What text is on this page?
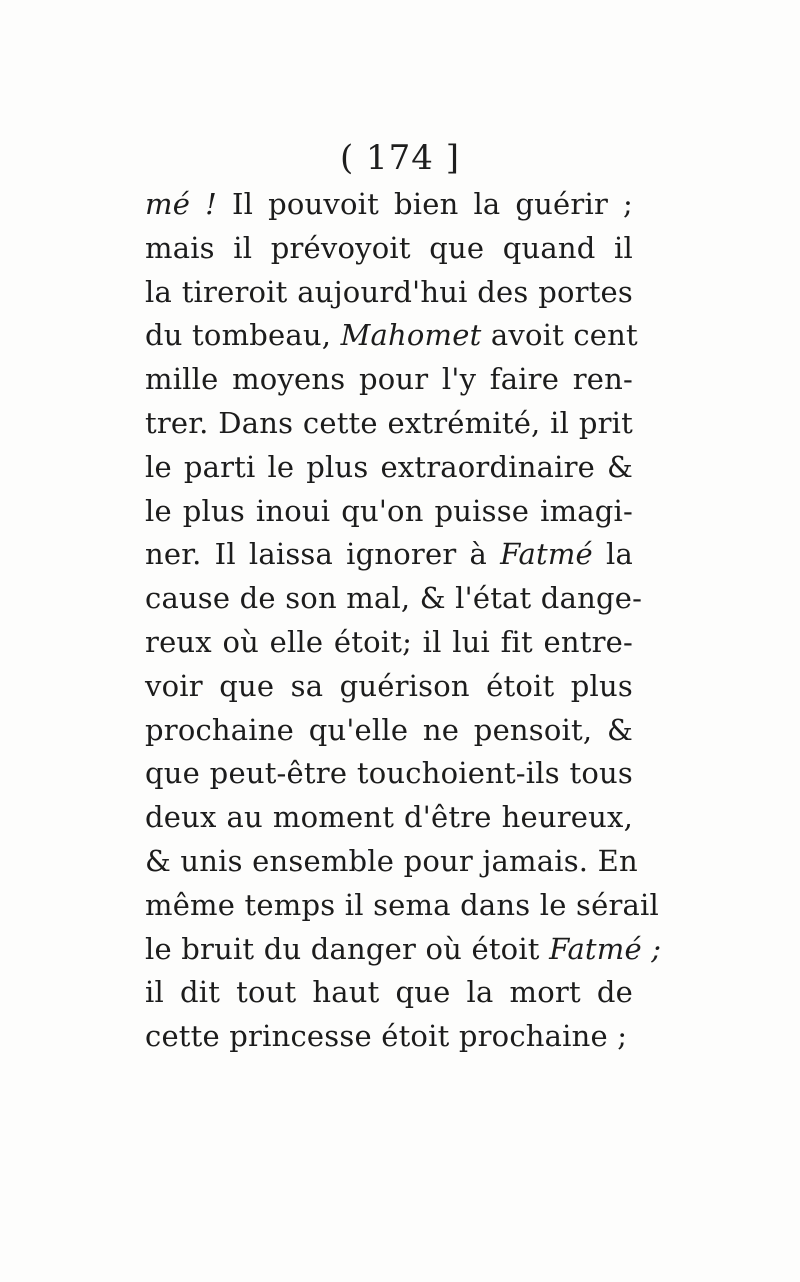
( 174 ]
mé ! Il pouvoit bien la guérir ;
mais il prévoyoit que quand il
la tireroit aujourd'hui des portes
du tombeau, Mahomet avoit cent
mille moyens pour l'y faire ren-
trer. Dans cette extrémité, il prit
le parti le plus extraordinaire &
le plus inoui qu'on puisse imagi-
ner. Il laissa ignorer à Fatmé la
cause de son mal, & l'état dange-
reux où elle étoit; il lui fit entre-
voir que sa guérison étoit plus
prochaine qu'elle ne pensoit, &
que peut-être touchoient-ils tous
deux au moment d'être heureux,
& unis ensemble pour jamais. En
même temps il sema dans le sérail
le bruit du danger où étoit Fatmé ;
il dit tout haut que la mort de
cette princesse étoit prochaine ;
